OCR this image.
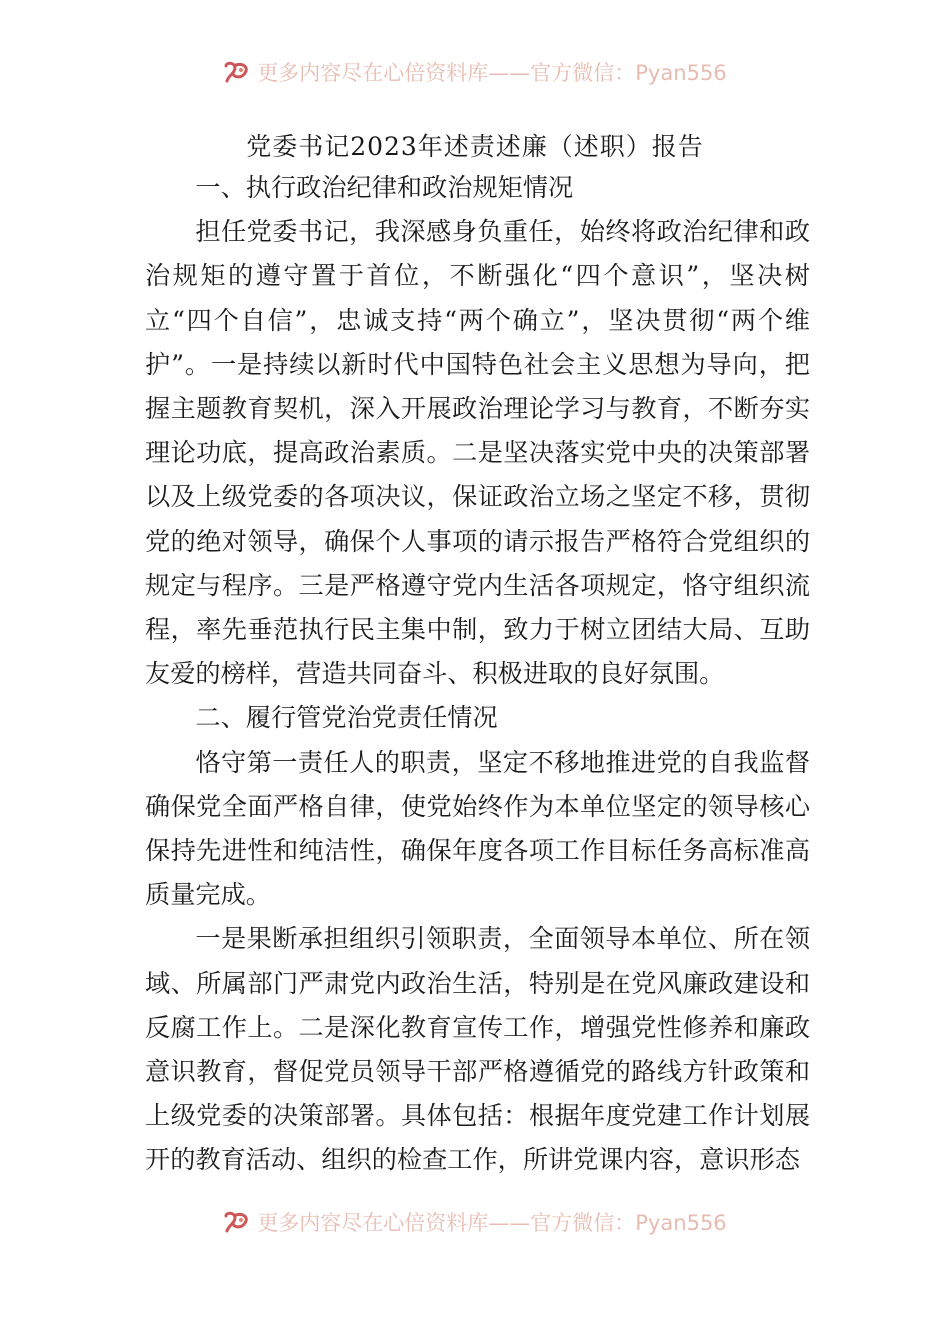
更多内容尽在心倍资料库——官方微信：Pyan556
党委书记2023年述责述廉（述职）报告

一、执行政治纪律和政治规矩情况

担任党委书记，我深感身负重任，始终将政治纪律和政治规矩的遵守置于首位，不断强化“四个意识”，坚决树立“四个自信”，忠诚支持“两个确立”，坚决贯彻“两个维护”。一是持续以新时代中国特色社会主义思想为导向，把握主题教育契机，深入开展政治理论学习与教育，不断夯实理论功底，提高政治素质。二是坚决落实党中央的决策部署以及上级党委的各项决议，保证政治立场之坚定不移，贯彻党的绝对领导，确保个人事项的请示报告严格符合党组织的规定与程序。三是严格遵守党内生活各项规定，恪守组织流程，率先垂范执行民主集中制，致力于树立团结大局、互助友爱的榜样，营造共同奋斗、积极进取的良好氛围。

二、履行管党治党责任情况

恪守第一责任人的职责，坚定不移地推进党的自我监督确保党全面严格自律，使党始终作为本单位坚定的领导核心保持先进性和纯洁性，确保年度各项工作目标任务高标准高质量完成。

一是果断承担组织引领职责，全面领导本单位、所在领域、所属部门严肃党内政治生活，特别是在党风廉政建设和反腐工作上。二是深化教育宣传工作，增强党性修养和廉政意识教育，督促党员领导干部严格遵循党的路线方针政策和上级党委的决策部署。具体包括：根据年度党建工作计划展开的教育活动、组织的检查工作，所讲党课内容，意识形态

更多内容尽在心倍资料库——官方微信：Pyan556
